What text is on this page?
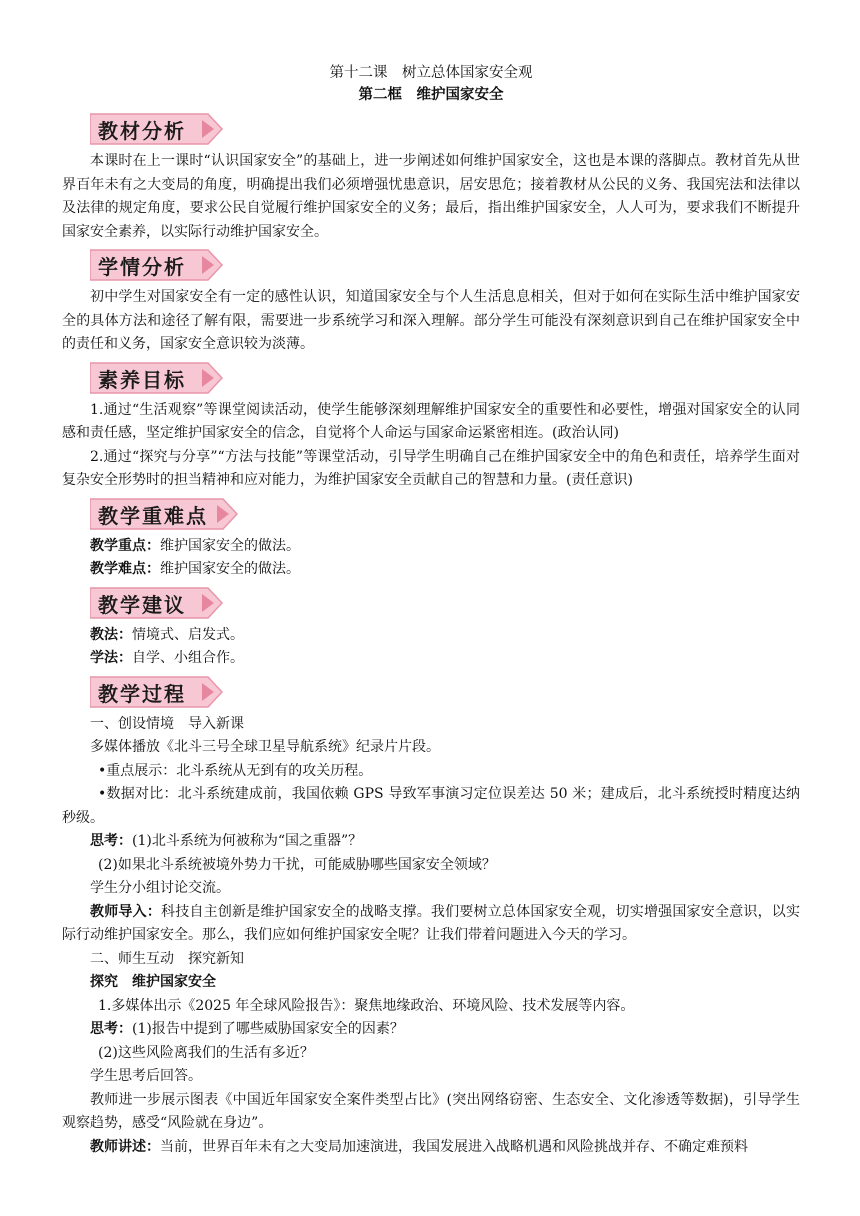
第十二课　树立总体国家安全观

第二框　维护国家安全

教材分析

本课时在上一课时“认识国家安全”的基础上，进一步阐述如何维护国家安全，这也是本课的落脚点。教材首先从世界百年未有之大变局的角度，明确提出我们必须增强忧患意识，居安思危；接着教材从公民的义务、我国宪法和法律以及法律的规定角度，要求公民自觉履行维护国家安全的义务；最后，指出维护国家安全，人人可为，要求我们不断提升国家安全素养，以实际行动维护国家安全。

学情分析

初中学生对国家安全有一定的感性认识，知道国家安全与个人生活息息相关，但对于如何在实际生活中维护国家安全的具体方法和途径了解有限，需要进一步系统学习和深入理解。部分学生可能没有深刻意识到自己在维护国家安全中的责任和义务，国家安全意识较为淡薄。

素养目标

1.通过“生活观察”等课堂阅读活动，使学生能够深刻理解维护国家安全的重要性和必要性，增强对国家安全的认同感和责任感，坚定维护国家安全的信念，自觉将个人命运与国家命运紧密相连。(政治认同)

2.通过“探究与分享”“方法与技能”等课堂活动，引导学生明确自己在维护国家安全中的角色和责任，培养学生面对复杂安全形势时的担当精神和应对能力，为维护国家安全贡献自己的智慧和力量。(责任意识)

教学重难点

教学重点：维护国家安全的做法。

教学难点：维护国家安全的做法。

教学建议

教法：情境式、启发式。

学法：自学、小组合作。

教学过程

一、创设情境　导入新课

多媒体播放《北斗三号全球卫星导航系统》纪录片片段。

•重点展示：北斗系统从无到有的攻关历程。

•数据对比：北斗系统建成前，我国依赖 GPS 导致军事演习定位误差达 50 米；建成后，北斗系统授时精度达纳秒级。

思考：(1)北斗系统为何被称为“国之重器”？

(2)如果北斗系统被境外势力干扰，可能威胁哪些国家安全领域？

学生分小组讨论交流。

教师导入：科技自主创新是维护国家安全的战略支撑。我们要树立总体国家安全观，切实增强国家安全意识，以实际行动维护国家安全。那么，我们应如何维护国家安全呢？让我们带着问题进入今天的学习。

二、师生互动　探究新知

探究　维护国家安全

1.多媒体出示《2025 年全球风险报告》：聚焦地缘政治、环境风险、技术发展等内容。

思考：(1)报告中提到了哪些威胁国家安全的因素？

(2)这些风险离我们的生活有多近？

学生思考后回答。

教师进一步展示图表《中国近年国家安全案件类型占比》(突出网络窃密、生态安全、文化渗透等数据)，引导学生观察趋势，感受“风险就在身边”。

教师讲述：当前，世界百年未有之大变局加速演进，我国发展进入战略机遇和风险挑战并存、不确定难预料
